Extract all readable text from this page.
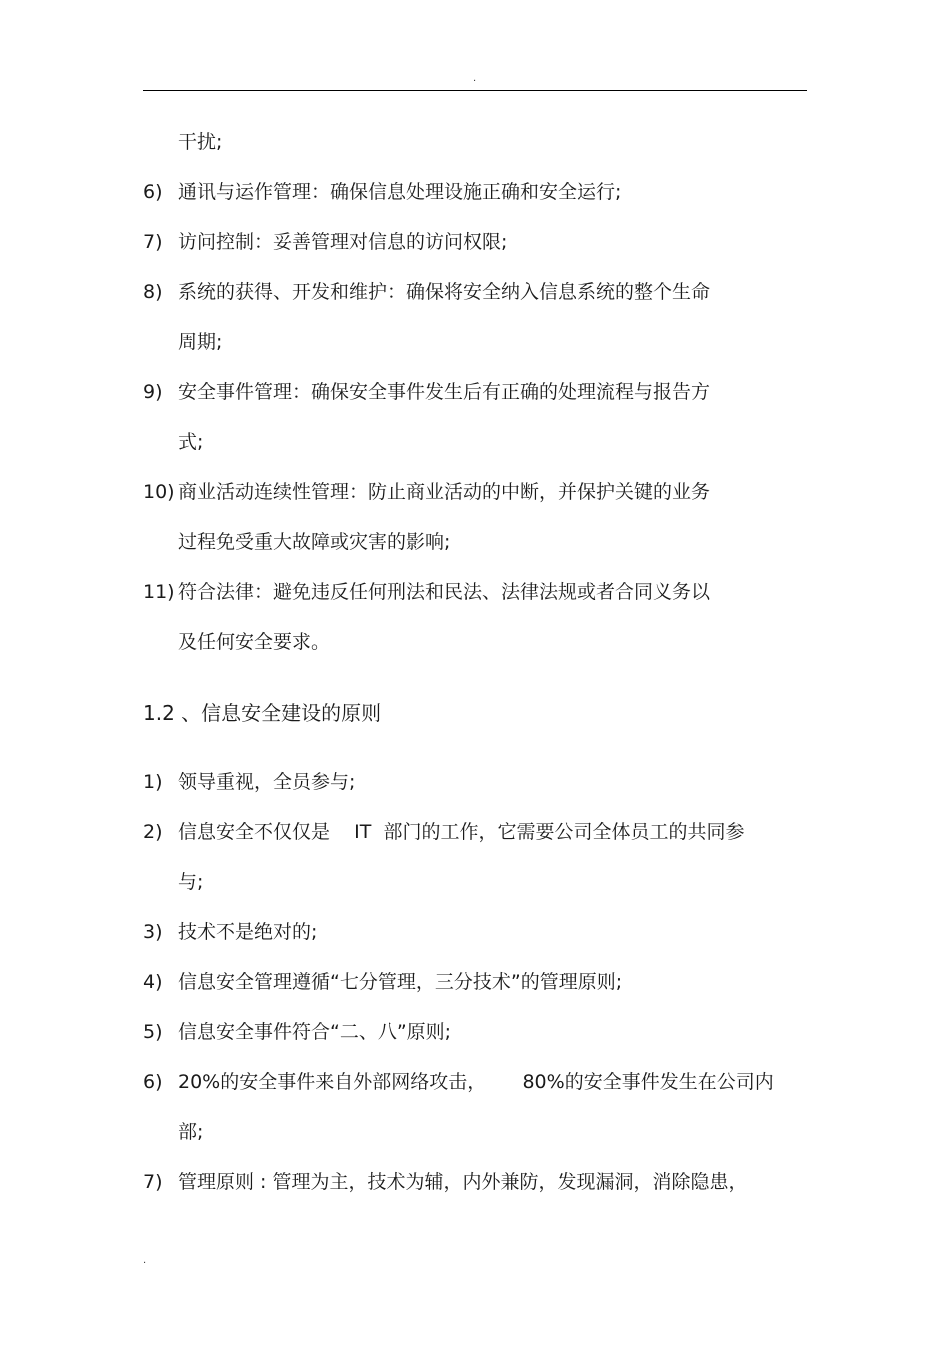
.
干扰;
6) 通讯与运作管理：确保信息处理设施正确和安全运行;
7) 访问控制：妥善管理对信息的访问权限;
8) 系统的获得、开发和维护：确保将安全纳入信息系统的整个生命
周期;
9) 安全事件管理：确保安全事件发生后有正确的处理流程与报告方
式;
10) 商业活动连续性管理：防止商业活动的中断，并保护关键的业务
过程免受重大故障或灾害的影响;
11) 符合法律：避免违反任何刑法和民法、法律法规或者合同义务以
及任何安全要求。
1.2 、信息安全建设的原则
1) 领导重视，全员参与;
2) 信息安全不仅仅是    IT  部门的工作，它需要公司全体员工的共同参
与;
3) 技术不是绝对的;
4) 信息安全管理遵循“七分管理，三分技术”的管理原则;
5) 信息安全事件符合“二、八”原则;
6) 20%的安全事件来自外部网络攻击，      80%的安全事件发生在公司内
部;
7) 管理原则 : 管理为主，技术为辅，内外兼防，发现漏洞，消除隐患，
.
